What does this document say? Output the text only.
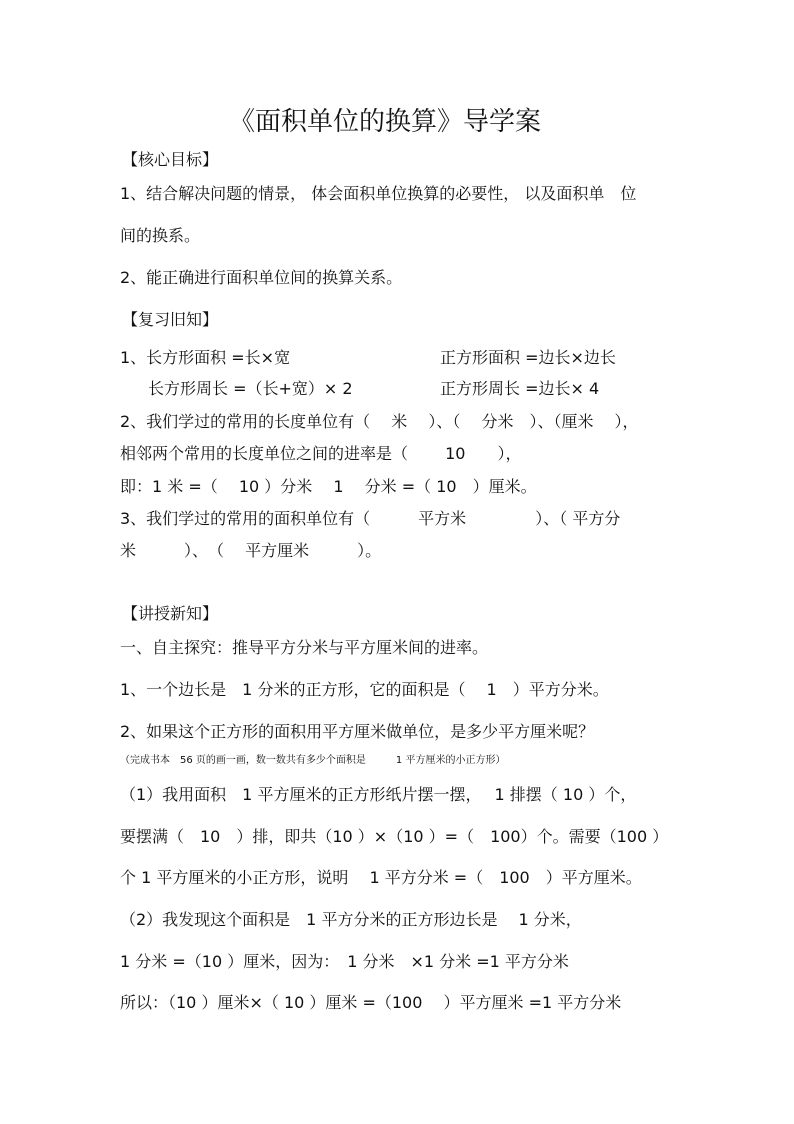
《面积单位的换算》导学案
【核心目标】
1、结合解决问题的情景， 体会面积单位换算的必要性， 以及面积单　位
间的换系。
2、能正确进行面积单位间的换算关系。
【复习旧知】
1、长方形面积 =长×宽	正方形面积 =边长×边长
长方形周长 =（长+宽）× 2	正方形周长 =边长× 4
2、我们学过的常用的长度单位有（　 米　 ）、（　 分米　）、（厘米　 ），
相邻两个常用的长度单位之间的进率是（　　 10　　），
即：1 米 =（　 10 ）分米　 1　 分米 =（ 10　）厘米。
3、我们学过的常用的面积单位有（　　　平方米　　　　 ）、（ 平方分
米　　　）、　（　 平方厘米　　　）。
【讲授新知】
一、自主探究：推导平方分米与平方厘米间的进率。
1、一个边长是　1 分米的正方形，它的面积是（　 1　）平方分米。
2、如果这个正方形的面积用平方厘米做单位，是多少平方厘米呢？
（完成书本　56 页的画一画，数一数共有多少个面积是　　　1 平方厘米的小正方形）
（1）我用面积　1 平方厘米的正方形纸片摆一摆，　 1 排摆（ 10 ）个，
要摆满（　10　）排，即共（10 ）×（10 ）=（　100）个。需要（100 ）
个 1 平方厘米的小正方形，说明　 1 平方分米 =（　100　）平方厘米。
（2）我发现这个面积是　1 平方分米的正方形边长是　 1 分米，
1 分米 =（10 ）厘米，因为：　1 分米　×1 分米 =1 平方分米
所以：（10 ）厘米×（ 10 ）厘米 =（100　 ）平方厘米 =1 平方分米
